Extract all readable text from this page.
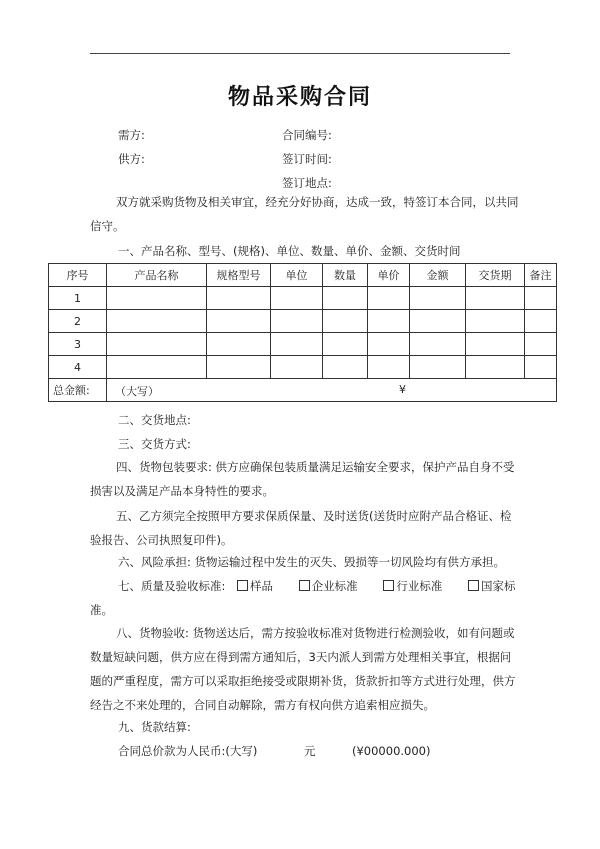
物品采购合同
需方:	合同编号:
供方:	签订时间:
签订地点:
双方就采购货物及相关审宜，经充分好协商，达成一致，特签订本合同，以共同信守。
一、产品名称、型号、(规格)、单位、数量、单价、金额、交货时间
序号	产品名称	规格型号	单位	数量	单价	金额	交货期	备注
1								
2								
3								
4								
总金额:	（大写） ¥							
二、交货地点:
三、交货方式:
四、货物包装要求: 供方应确保包装质量满足运输安全要求，保护产品自身不受损害以及满足产品本身特性的要求。
五、乙方须完全按照甲方要求保质保量、及时送货(送货时应附产品合格证、检验报告、公司执照复印件)。
六、风险承担: 货物运输过程中发生的灭失、毁损等一切风险均有供方承担。
七、质量及验收标准: 样品	企业标准	行业标准	国家标
准。
八、货物验收: 货物送达后，需方按验收标准对货物进行检测验收，如有问题或数量短缺问题，供方应在得到需方通知后，3天内派人到需方处理相关事宜，根据问题的严重程度，需方可以采取拒绝接受或限期补货，货款折扣等方式进行处理，供方经告之不来处理的，合同自动解除，需方有权向供方追索相应损失。
九、货款结算:
合同总价款为人民币:(大写)	元	(¥00000.000)
